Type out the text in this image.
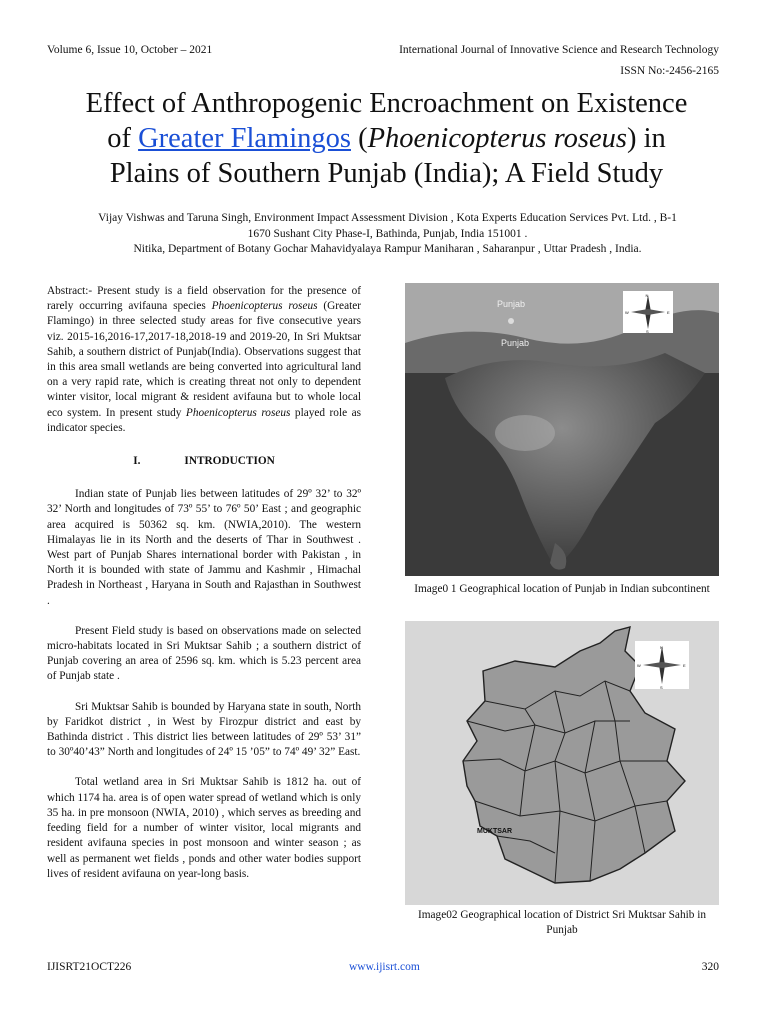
Volume 6, Issue 10, October – 2021	International Journal of Innovative Science and Research Technology
ISSN No:-2456-2165
Effect of Anthropogenic Encroachment on Existence
of Greater Flamingos (Phoenicopterus roseus) in
Plains of Southern Punjab (India); A Field Study
Vijay Vishwas and Taruna Singh, Environment Impact Assessment Division , Kota Experts Education Services Pvt. Ltd. , B-1
1670 Sushant City Phase-I, Bathinda, Punjab, India 151001 .
Nitika, Department of Botany Gochar Mahavidyalaya Rampur Maniharan , Saharanpur , Uttar Pradesh , India.

Abstract:- Present study is a field observation for the presence of rarely occurring avifauna species Phoenicopterus roseus (Greater Flamingo) in three selected study areas for five consecutive years viz. 2015-16,2016-17,2017-18,2018-19 and 2019-20, In Sri Muktsar Sahib, a southern district of Punjab(India). Observations suggest that in this area small wetlands are being converted into agricultural land on a very rapid rate, which is creating threat not only to dependent winter visitor, local migrant & resident avifauna but to whole local eco system. In present study Phoenicopterus roseus played role as indicator species.

I.	INTRODUCTION

Indian state of Punjab lies between latitudes of 29º 32’ to 32º 32’ North and longitudes of 73º 55’ to 76º 50’ East ; and geographic area acquired is 50362 sq. km. (NWIA,2010). The western Himalayas lie in its North and the deserts of Thar in Southwest . West part of Punjab Shares international border with Pakistan , in North it is bounded with state of Jammu and Kashmir , Himachal Pradesh in Northeast , Haryana in South and Rajasthan in Southwest .

Present Field study is based on observations made on selected micro-habitats located in Sri Muktsar Sahib ; a southern district of Punjab covering an area of 2596 sq. km. which is 5.23 percent area of Punjab state .

Sri Muktsar Sahib is bounded by Haryana state in south, North by Faridkot district , in West by Firozpur district and east by Bathinda district . This district lies between latitudes of 29º 53’ 31” to 30º40’43” North and longitudes of 24º 15 ’05” to 74º 49’ 32” East.

Total wetland area in Sri Muktsar Sahib is 1812 ha. out of which 1174 ha. area is of open water spread of wetland which is only 35 ha. in pre monsoon (NWIA, 2010) , which serves as breeding and feeding field for a number of winter visitor, local migrants and resident avifauna species in post monsoon and winter season ; as well as permanent wet fields , ponds and other water bodies support lives of resident avifauna on year-long basis.

Punjab
Punjab
N
E
W
S
Image0 1 Geographical location of Punjab in Indian subcontinent
MUKTSAR
N
E
W
S
Image02 Geographical location of District Sri Muktsar Sahib in Punjab
IJISRT21OCT226	www.ijisrt.com	320
